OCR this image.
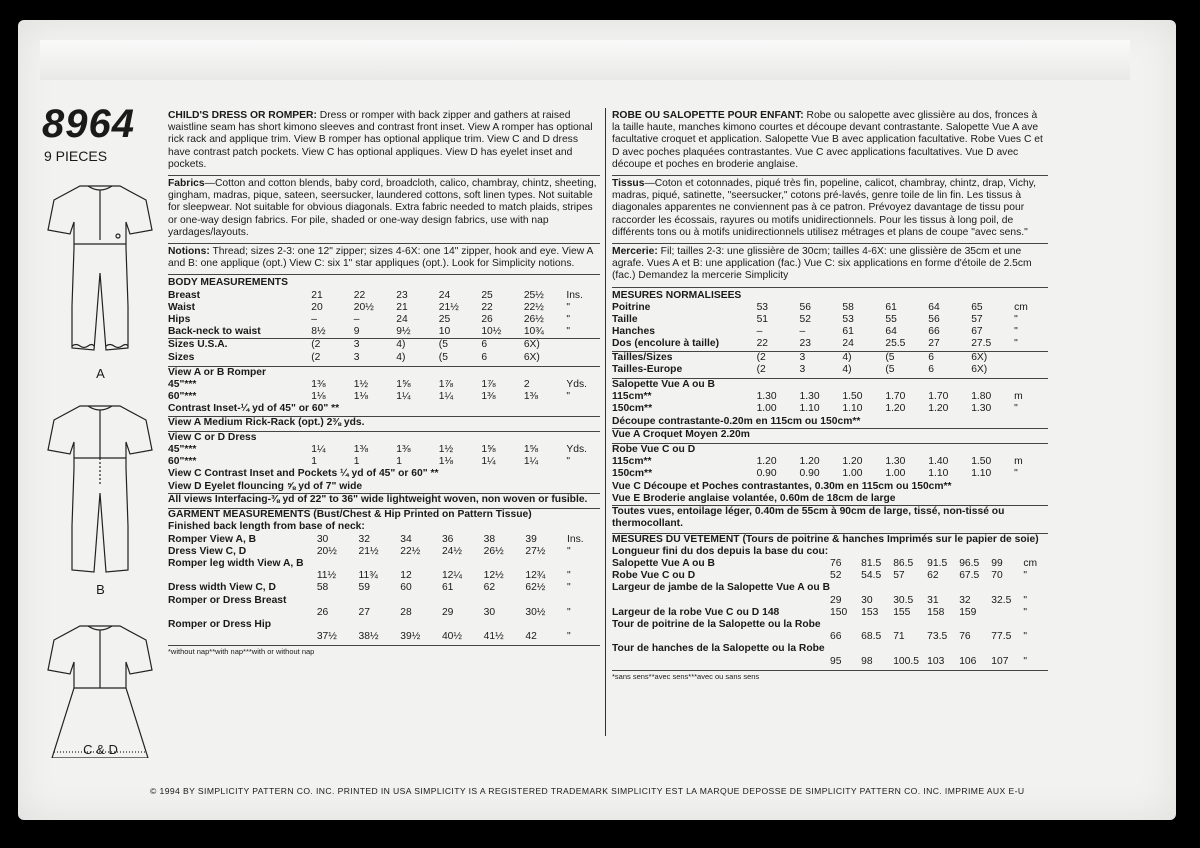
8964
9 PIECES
A
B
C & D

CHILD'S DRESS OR ROMPER: Dress or romper with back zipper and gathers at raised waistline seam has short kimono sleeves and contrast front inset. View A romper has optional rick rack and applique trim. View B romper has optional applique trim. View C and D dress have contrast patch pockets. View C has optional appliques. View D has eyelet inset and pockets.

Fabrics—Cotton and cotton blends, baby cord, broadcloth, calico, chambray, chintz, sheeting, gingham, madras, pique, sateen, seersucker, laundered cottons, soft linen types. Not suitable for sleepwear. Not suitable for obvious diagonals. Extra fabric needed to match plaids, stripes or one-way design fabrics. For pile, shaded or one-way design fabrics, use with nap yardages/layouts.

Notions: Thread; sizes 2-3: one 12" zipper; sizes 4-6X: one 14" zipper, hook and eye. View A and B: one applique (opt.) View C: six 1" star appliques (opt.). Look for Simplicity notions.

BODY MEASUREMENTS
Breast	21	22	23	24	25	25½	Ins.
Waist	20	20½	21	21½	22	22½	"
Hips	–	–	24	25	26	26½	"
Back-neck to waist	8½	9	9½	10	10½	10¾	"
Sizes U.S.A.	(2	3	4)	(5	6	6X)	
Sizes	(2	3	4)	(5	6	6X)	
View A or B Romper
45"***	1⅜	1½	1⅝	1⅞	1⅞	2	Yds.
60"***	1⅛	1⅛	1¼	1¼	1⅜	1⅜	"
Contrast Inset-¼ yd of 45" or 60" **
View A Medium Rick-Rack (opt.) 2⅜ yds.
View C or D Dress
45"***	1¼	1⅜	1⅜	1½	1⅝	1⅝	Yds.
60"***	1	1	1	1⅛	1¼	1¼	"
View C Contrast Inset and Pockets ¼ yd of 45" or 60" **
View D Eyelet flouncing ⅝ yd of 7" wide
All views Interfacing-⅜ yd of 22" to 36" wide lightweight woven, non woven or fusible.
GARMENT MEASUREMENTS (Bust/Chest & Hip Printed on Pattern Tissue)
Finished back length from base of neck:
Romper View A, B	30	32	34	36	38	39	Ins.
Dress View C, D	20½	21½	22½	24½	26½	27½	"
Romper leg width View A, B							
	11½	11¾	12	12¼	12½	12¾	"
Dress width View C, D	58	59	60	61	62	62½	"
Romper or Dress Breast							
	26	27	28	29	30	30½	"
Romper or Dress Hip							
	37½	38½	39½	40½	41½	42	"
*without nap**with nap***with or without nap

ROBE OU SALOPETTE POUR ENFANT: Robe ou salopette avec glissière au dos, fronces à la taille haute, manches kimono courtes et découpe devant contrastante. Salopette Vue A ave facultative croquet et application. Salopette Vue B avec application facultative. Robe Vues C et D avec poches plaquées contrastantes. Vue C avec applications facultatives. Vue D avec découpe et poches en broderie anglaise.

Tissus—Coton et cotonnades, piqué très fin, popeline, calicot, chambray, chintz, drap, Vichy, madras, piqué, satinette, "seersucker," cotons pré-lavés, genre toile de lin fin. Les tissus à diagonales apparentes ne conviennent pas à ce patron. Prévoyez davantage de tissu pour raccorder les écossais, rayures ou motifs unidirectionnels. Pour les tissus à long poil, de différents tons ou à motifs unidirectionnels utilisez métrages et plans de coupe "avec sens."

Mercerie: Fil; tailles 2-3: une glissière de 30cm; tailles 4-6X: une glissière de 35cm et une agrafe. Vues A et B: une application (fac.) Vue C: six applications en forme d'étoile de 2.5cm (fac.) Demandez la mercerie Simplicity

MESURES NORMALISEES
Poitrine	53	56	58	61	64	65	cm
Taille	51	52	53	55	56	57	"
Hanches	–	–	61	64	66	67	"
Dos (encolure à taille)	22	23	24	25.5	27	27.5	"
Tailles/Sizes	(2	3	4)	(5	6	6X)	
Tailles-Europe	(2	3	4)	(5	6	6X)	
Salopette Vue A ou B
115cm**	1.30	1.30	1.50	1.70	1.70	1.80	m
150cm**	1.00	1.10	1.10	1.20	1.20	1.30	"
Découpe contrastante-0.20m en 115cm ou 150cm**
Vue A Croquet Moyen 2.20m
Robe Vue C ou D
115cm**	1.20	1.20	1.20	1.30	1.40	1.50	m
150cm**	0.90	0.90	1.00	1.00	1.10	1.10	"
Vue C Découpe et Poches contrastantes, 0.30m en 115cm ou 150cm**
Vue E Broderie anglaise volantée, 0.60m de 18cm de large
Toutes vues, entoilage léger, 0.40m de 55cm à 90cm de large, tissé, non-tissé ou thermocollant.
MESURES DU VETEMENT (Tours de poitrine & hanches Imprimés sur le papier de soie)
Longueur fini du dos depuis la base du cou:
Salopette Vue A ou B	76	81.5	86.5	91.5	96.5	99	cm
Robe Vue C ou D	52	54.5	57	62	67.5	70	"
Largeur de jambe de la Salopette Vue A ou B							
	29	30	30.5	31	32	32.5	"
Largeur de la robe Vue C ou D 148	150	153	155	158	159		"
Tour de poitrine de la Salopette ou la Robe							
	66	68.5	71	73.5	76	77.5	"
Tour de hanches de la Salopette ou la Robe							
	95	98	100.5	103	106	107	"
*sans sens**avec sens***avec ou sans sens
© 1994 BY SIMPLICITY PATTERN CO. INC. PRINTED IN USA SIMPLICITY IS A REGISTERED TRADEMARK SIMPLICITY EST LA MARQUE DEPOSSE DE SIMPLICITY PATTERN CO. INC. IMPRIME AUX E-U
